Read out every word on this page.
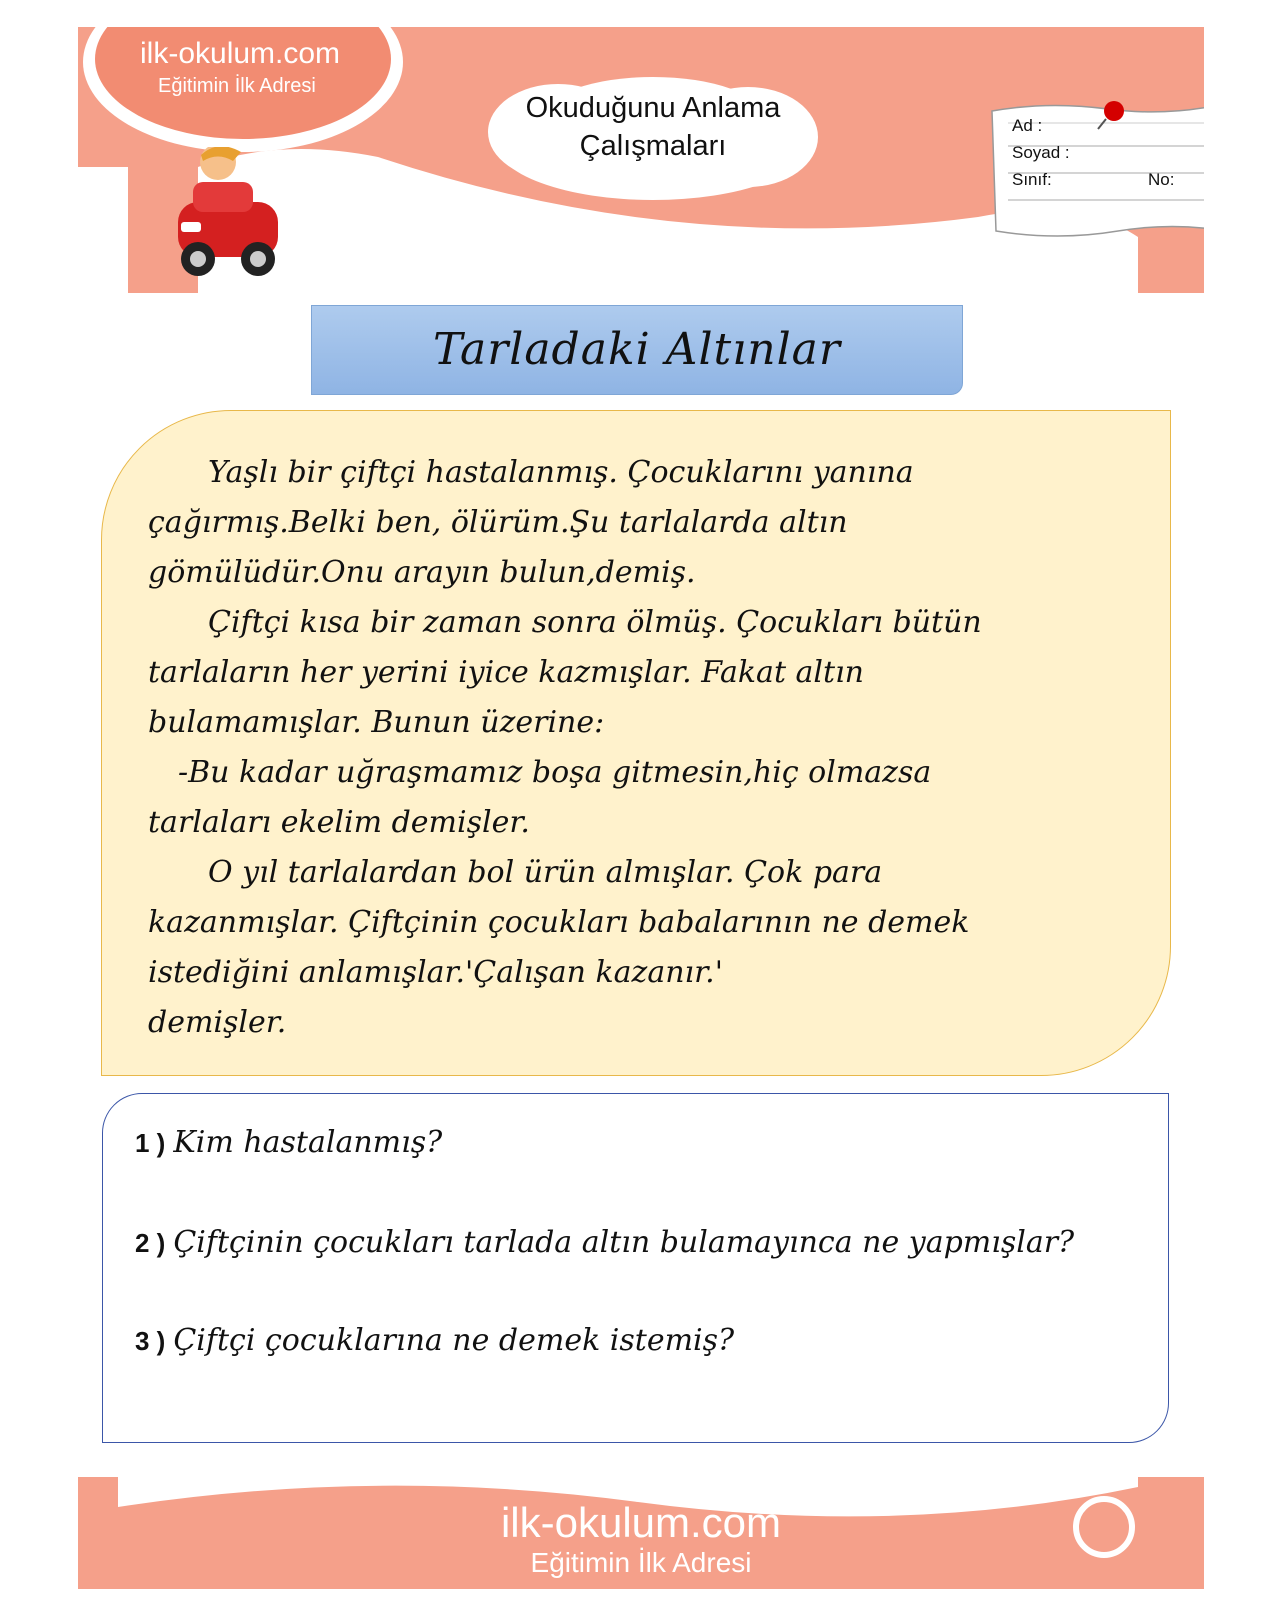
ilk-okulum.com
Eğitimin İlk Adresi
Okuduğunu Anlama
Çalışmaları
Ad :
Soyad :
Sınıf:	No:
Tarladaki Altınlar

Yaşlı bir çiftçi hastalanmış. Çocuklarını yanına

çağırmış.Belki ben, ölürüm.Şu tarlalarda altın

gömülüdür.Onu arayın bulun,demiş.

Çiftçi kısa bir zaman sonra ölmüş. Çocukları bütün

tarlaların her yerini iyice kazmışlar. Fakat altın

bulamamışlar. Bunun üzerine:

-Bu kadar uğraşmamız boşa gitmesin,hiç olmazsa

tarlaları ekelim demişler.

O yıl tarlalardan bol ürün almışlar. Çok para

kazanmışlar. Çiftçinin çocukları babalarının ne demek

istediğini anlamışlar.'Çalışan kazanır.'

demişler.

1 ) Kim hastalanmış?
2 ) Çiftçinin çocukları tarlada altın bulamayınca ne yapmışlar?
3 ) Çiftçi çocuklarına ne demek istemiş?
ilk-okulum.com
Eğitimin İlk Adresi
